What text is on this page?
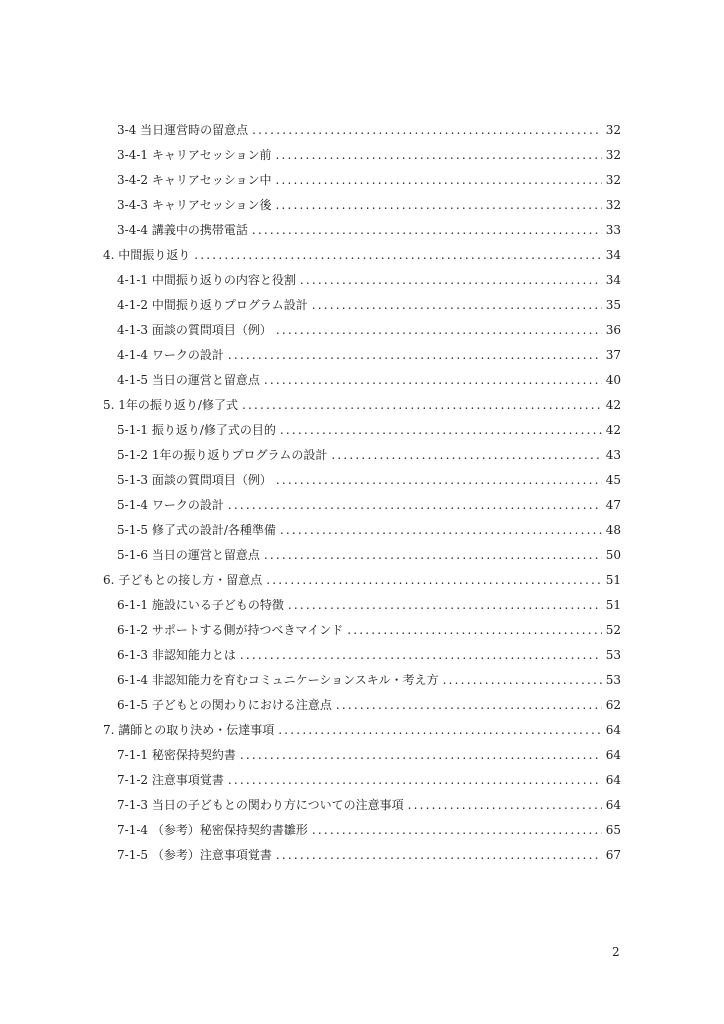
3-4 当日運営時の留意点 .....	32
3-4-1 キャリアセッション前 .....	32
3-4-2 キャリアセッション中 .....	32
3-4-3 キャリアセッション後 .....	32
3-4-4 講義中の携帯電話 .....	33
4. 中間振り返り .....	34
4-1-1 中間振り返りの内容と役割 .....	34
4-1-2 中間振り返りプログラム設計 .....	35
4-1-3 面談の質問項目（例） .....	36
4-1-4 ワークの設計 .....	37
4-1-5 当日の運営と留意点 .....	40
5. 1年の振り返り/修了式 .....	42
5-1-1 振り返り/修了式の目的 .....	42
5-1-2 1年の振り返りプログラムの設計 .....	43
5-1-3 面談の質問項目（例） .....	45
5-1-4 ワークの設計 .....	47
5-1-5 修了式の設計/各種準備 .....	48
5-1-6 当日の運営と留意点 .....	50
6. 子どもとの接し方・留意点 .....	51
6-1-1 施設にいる子どもの特徴 .....	51
6-1-2 サポートする側が持つべきマインド .....	52
6-1-3 非認知能力とは .....	53
6-1-4 非認知能力を育むコミュニケーションスキル・考え方 .....	53
6-1-5 子どもとの関わりにおける注意点 .....	62
7. 講師との取り決め・伝達事項 .....	64
7-1-1 秘密保持契約書 .....	64
7-1-2 注意事項覚書 .....	64
7-1-3 当日の子どもとの関わり方についての注意事項 .....	64
7-1-4 （参考）秘密保持契約書雛形 .....	65
7-1-5 （参考）注意事項覚書 .....	67
2
